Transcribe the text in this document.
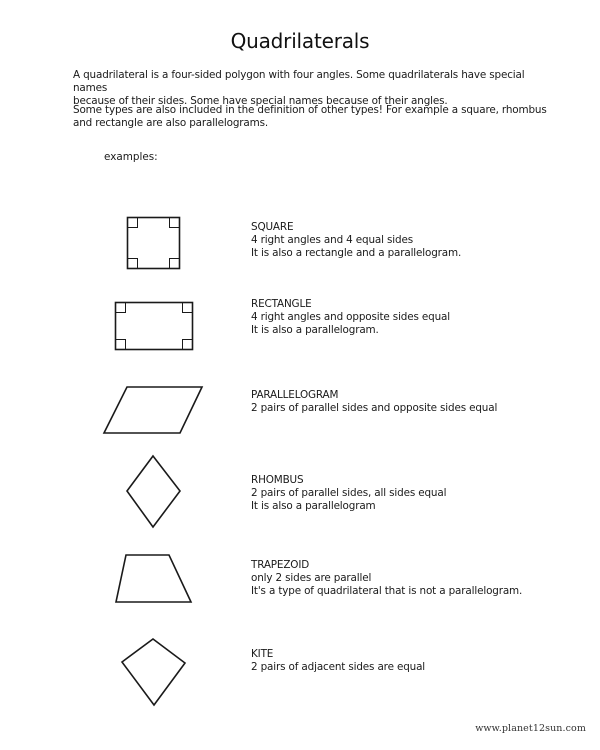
Quadrilaterals
A quadrilateral is a four-sided polygon with four angles. Some quadrilaterals have special names
because of their sides. Some have special names because of their angles.
Some types are also included in the definition of other types! For example a square, rhombus
and rectangle are also parallelograms.
examples:
SQUARE
4 right angles and 4 equal sides
It is also a rectangle and a parallelogram.
RECTANGLE
4 right angles and opposite sides equal
It is also a parallelogram.
PARALLELOGRAM
2 pairs of parallel sides and opposite sides equal
RHOMBUS
2 pairs of parallel sides, all sides equal
It is also a parallelogram
TRAPEZOID
only 2 sides are parallel
It's a type of quadrilateral that is not a parallelogram.
KITE
2 pairs of adjacent sides are equal
www.planet12sun.com
